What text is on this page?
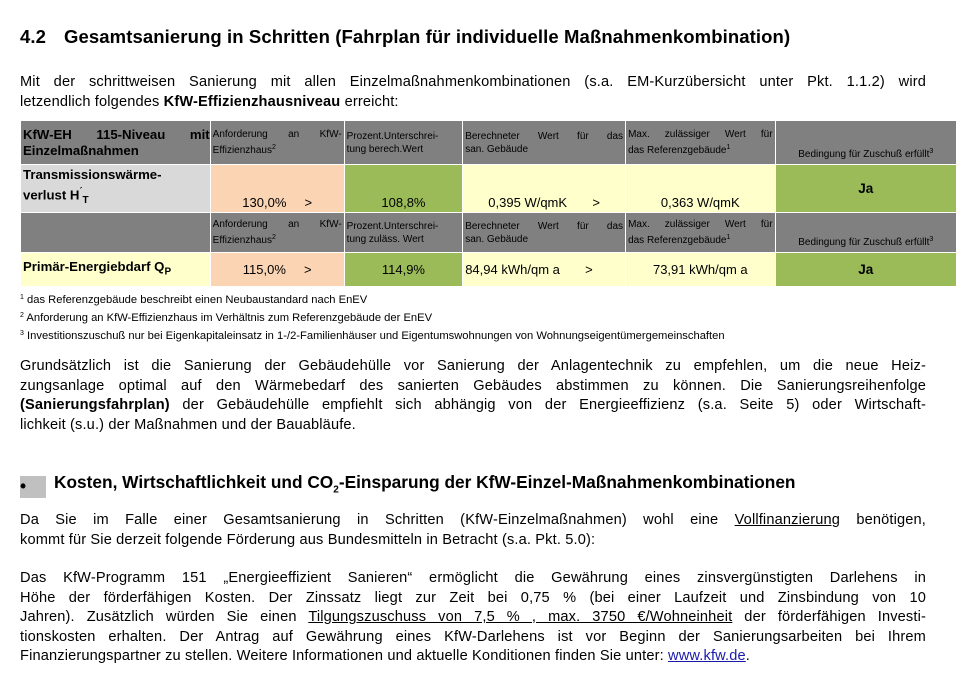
4.2 Gesamtsanierung in Schritten (Fahrplan für individuelle Maßnahmenkombination)
Mit der schrittweisen Sanierung mit allen Einzelmaßnahmenkombinationen (s.a. EM-Kurzübersicht unter Pkt. 1.1.2) wird
letzendlich folgendes KfW-Effizienzhausniveau erreicht:
KfW-EH 115-Niveau mit
Einzelmaßnahmen	Anforderung an KfW-
Effizienzhaus$^2$	Prozent.Unterschrei-
tung berech.Wert	Berechneter Wert für das
san. Gebäude	Max. zulässiger Wert für
das Referenzgebäude$^1$	Bedingung für Zuschuß erfüllt$^3$

Transmissionswärme-
verlust $H^´_T$	130,0% >	108,8%	0,395 W/qmK >	0,363 W/qmK	Ja

	Anforderung an KfW-
Effizienzhaus$^2$	Prozent.Unterschrei-
tung zuläss. Wert	Berechneter Wert für das
san. Gebäude	Max. zulässiger Wert für
das Referenzgebäude$^1$	Bedingung für Zuschuß erfüllt$^3$
Primär-Energiebdarf $Q_P$	115,0% >	114,9%	84,94 kWh/qm a >	73,91 kWh/qm a	Ja
$^1$ das Referenzgebäude beschreibt einen Neubaustandard nach EnEV
$^2$ Anforderung an KfW-Effizienzhaus im Verhältnis zum Referenzgebäude der EnEV
$^3$ Investitionszuschuß nur bei Eigenkapitaleinsatz in 1-/2-Familienhäuser und Eigentumswohnungen von Wohnungseigentümergemeinschaften
Grundsätzlich ist die Sanierung der Gebäudehülle vor Sanierung der Anlagentechnik zu empfehlen, um die neue Heiz-
zungsanlage optimal auf den Wärmebedarf des sanierten Gebäudes abstimmen zu können. Die Sanierungsreihenfolge
(Sanierungsfahrplan) der Gebäudehülle empfiehlt sich abhängig von der Energieeffizienz (s.a. Seite 5) oder Wirtschaft-
lichkeit (s.u.) der Maßnahmen und der Bauabläufe.
• Kosten, Wirtschaftlichkeit und $CO_2$-Einsparung der KfW-Einzel-Maßnahmenkombinationen
Da Sie im Falle einer Gesamtsanierung in Schritten (KfW-Einzelmaßnahmen) wohl eine Vollfinanzierung benötigen,
kommt für Sie derzeit folgende Förderung aus Bundesmitteln in Betracht (s.a. Pkt. 5.0):
Das KfW-Programm 151 „Energieeffizient Sanieren“ ermöglicht die Gewährung eines zinsvergünstigten Darlehens in
Höhe der förderfähigen Kosten. Der Zinssatz liegt zur Zeit bei 0,75 % (bei einer Laufzeit und Zinsbindung von 10
Jahren). Zusätzlich würden Sie einen Tilgungszuschuss von 7,5 % , max. 3750 €/Wohneinheit der förderfähigen Investi-
tionskosten erhalten. Der Antrag auf Gewährung eines KfW-Darlehens ist vor Beginn der Sanierungsarbeiten bei Ihrem
Finanzierungspartner zu stellen. Weitere Informationen und aktuelle Konditionen finden Sie unter: www.kfw.de.
